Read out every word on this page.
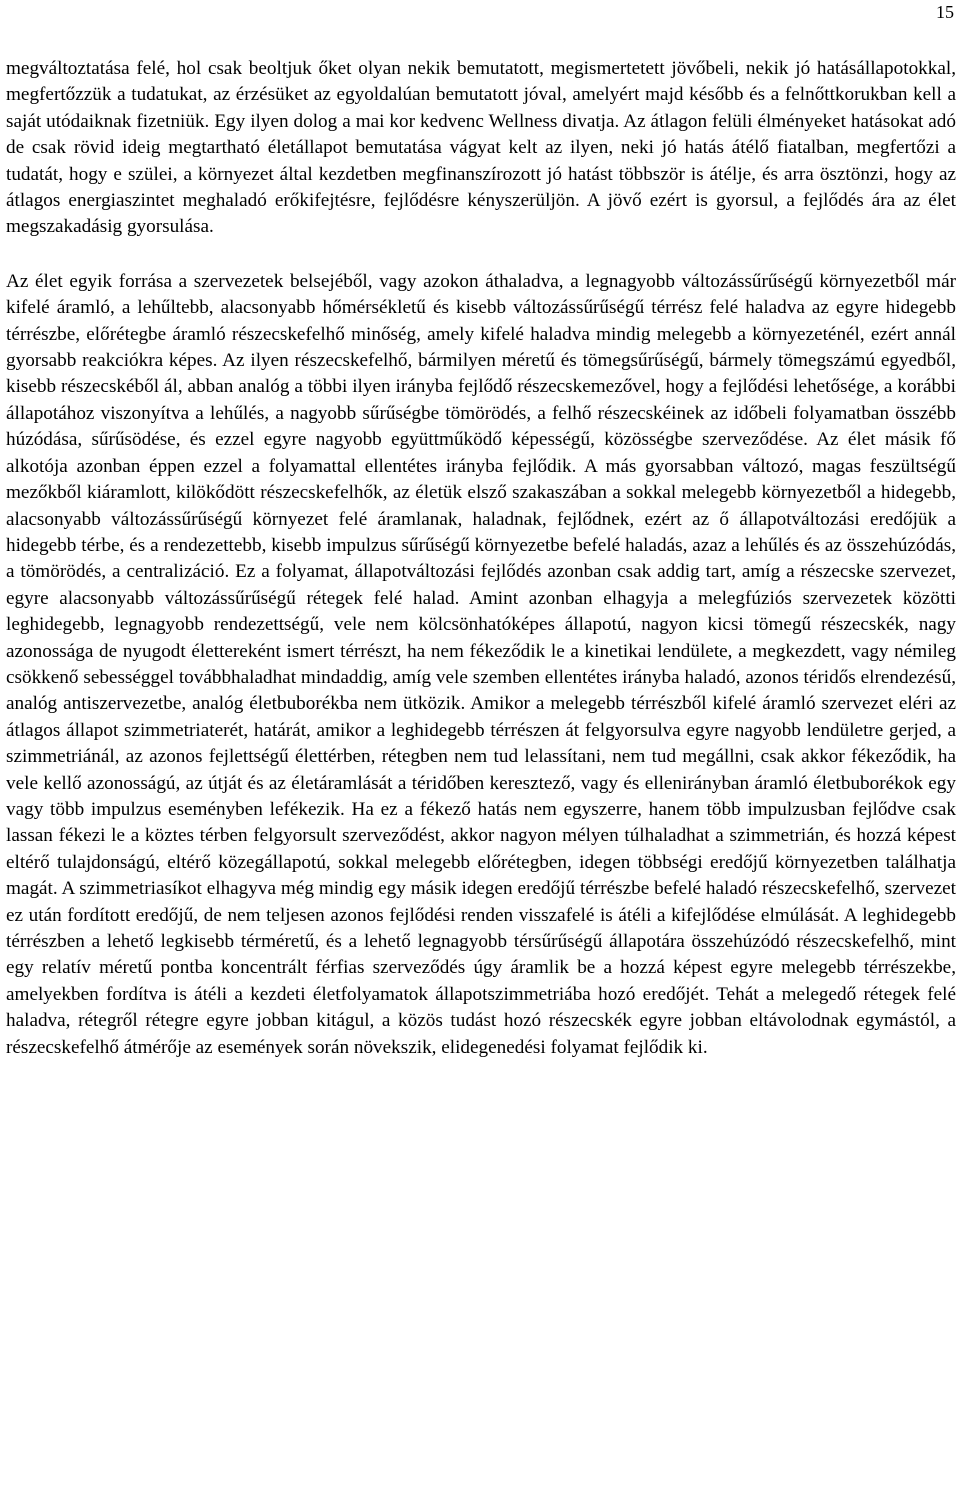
15

megváltoztatása felé, hol csak beoltjuk őket olyan nekik bemutatott, megismertetett jövőbeli, nekik jó hatásállapotokkal, megfertőzzük a tudatukat, az érzésüket az egyoldalúan bemutatott jóval, amelyért majd később és a felnőttkorukban kell a saját utódaiknak fizetniük. Egy ilyen dolog a mai kor kedvenc Wellness divatja. Az átlagon felüli élményeket hatásokat adó de csak rövid ideig megtartható életállapot bemutatása vágyat kelt az ilyen, neki jó hatás átélő fiatalban, megfertőzi a tudatát, hogy e szülei, a környezet által kezdetben megfinanszírozott jó hatást többször is átélje, és arra ösztönzi, hogy az átlagos energiaszintet meghaladó erőkifejtésre, fejlődésre kényszerüljön. A jövő ezért is gyorsul, a fejlődés ára az élet megszakadásig gyorsulása.

Az élet egyik forrása a szervezetek belsejéből, vagy azokon áthaladva, a legnagyobb változássűrűségű környezetből már kifelé áramló, a lehűltebb, alacsonyabb hőmérsékletű és kisebb változássűrűségű térrész felé haladva az egyre hidegebb térrészbe, előrétegbe áramló részecskefelhő minőség, amely kifelé haladva mindig melegebb a környezeténél, ezért annál gyorsabb reakciókra képes. Az ilyen részecskefelhő, bármilyen méretű és tömegsűrűségű, bármely tömegszámú egyedből, kisebb részecskéből ál, abban analóg a többi ilyen irányba fejlődő részecskemezővel, hogy a fejlődési lehetősége, a korábbi állapotához viszonyítva a lehűlés, a nagyobb sűrűségbe tömörödés, a felhő részecskéinek az időbeli folyamatban összébb húzódása, sűrűsödése, és ezzel egyre nagyobb együttműködő képességű, közösségbe szerveződése. Az élet másik fő alkotója azonban éppen ezzel a folyamattal ellentétes irányba fejlődik. A más gyorsabban változó, magas feszültségű mezőkből kiáramlott, kilökődött részecskefelhők, az életük elsző szakaszában a sokkal melegebb környezetből a hidegebb, alacsonyabb változássűrűségű környezet felé áramlanak, haladnak, fejlődnek, ezért az ő állapotváltozási eredőjük a hidegebb térbe, és a rendezettebb, kisebb impulzus sűrűségű környezetbe befelé haladás, azaz a lehűlés és az összehúzódás, a tömörödés, a centralizáció. Ez a folyamat, állapotváltozási fejlődés azonban csak addig tart, amíg a részecske szervezet, egyre alacsonyabb változássűrűségű rétegek felé halad. Amint azonban elhagyja a melegfúziós szervezetek közötti leghidegebb, legnagyobb rendezettségű, vele nem kölcsönhatóképes állapotú, nagyon kicsi tömegű részecskék, nagy azonossága de nyugodt élettereként ismert térrészt, ha nem fékeződik le a kinetikai lendülete, a megkezdett, vagy némileg csökkenő sebességgel továbbhaladhat mindaddig, amíg vele szemben ellentétes irányba haladó, azonos téridős elrendezésű, analóg antiszervezetbe, analóg életbuborékba nem ütközik. Amikor a melegebb térrészből kifelé áramló szervezet eléri az átlagos állapot szimmetriaterét, határát, amikor a leghidegebb térrészen át felgyorsulva egyre nagyobb lendületre gerjed, a szimmetriánál, az azonos fejlettségű élettérben, rétegben nem tud lelassítani, nem tud megállni, csak akkor fékeződik, ha vele kellő azonosságú, az útját és az életáramlását a téridőben keresztező, vagy és ellenirányban áramló életbuborékok egy vagy több impulzus eseményben lefékezik. Ha ez a fékező hatás nem egyszerre, hanem több impulzusban fejlődve csak lassan fékezi le a köztes térben felgyorsult szerveződést, akkor nagyon mélyen túlhaladhat a szimmetrián, és hozzá képest eltérő tulajdonságú, eltérő közegállapotú, sokkal melegebb előrétegben, idegen többségi eredőjű környezetben találhatja magát. A szimmetriasíkot elhagyva még mindig egy másik idegen eredőjű térrészbe befelé haladó részecskefelhő, szervezet ez után fordított eredőjű, de nem teljesen azonos fejlődési renden visszafelé is átéli a kifejlődése elmúlását. A leghidegebb térrészben a lehető legkisebb térméretű, és a lehető legnagyobb térsűrűségű állapotára összehúzódó részecskefelhő, mint egy relatív méretű pontba koncentrált férfias szerveződés úgy áramlik be a hozzá képest egyre melegebb térrészekbe, amelyekben fordítva is átéli a kezdeti életfolyamatok állapotszimmetriába hozó eredőjét. Tehát a melegedő rétegek felé haladva, rétegről rétegre egyre jobban kitágul, a közös tudást hozó részecskék egyre jobban eltávolodnak egymástól, a részecskefelhő átmérője az események során növekszik, elidegenedési folyamat fejlődik ki.
